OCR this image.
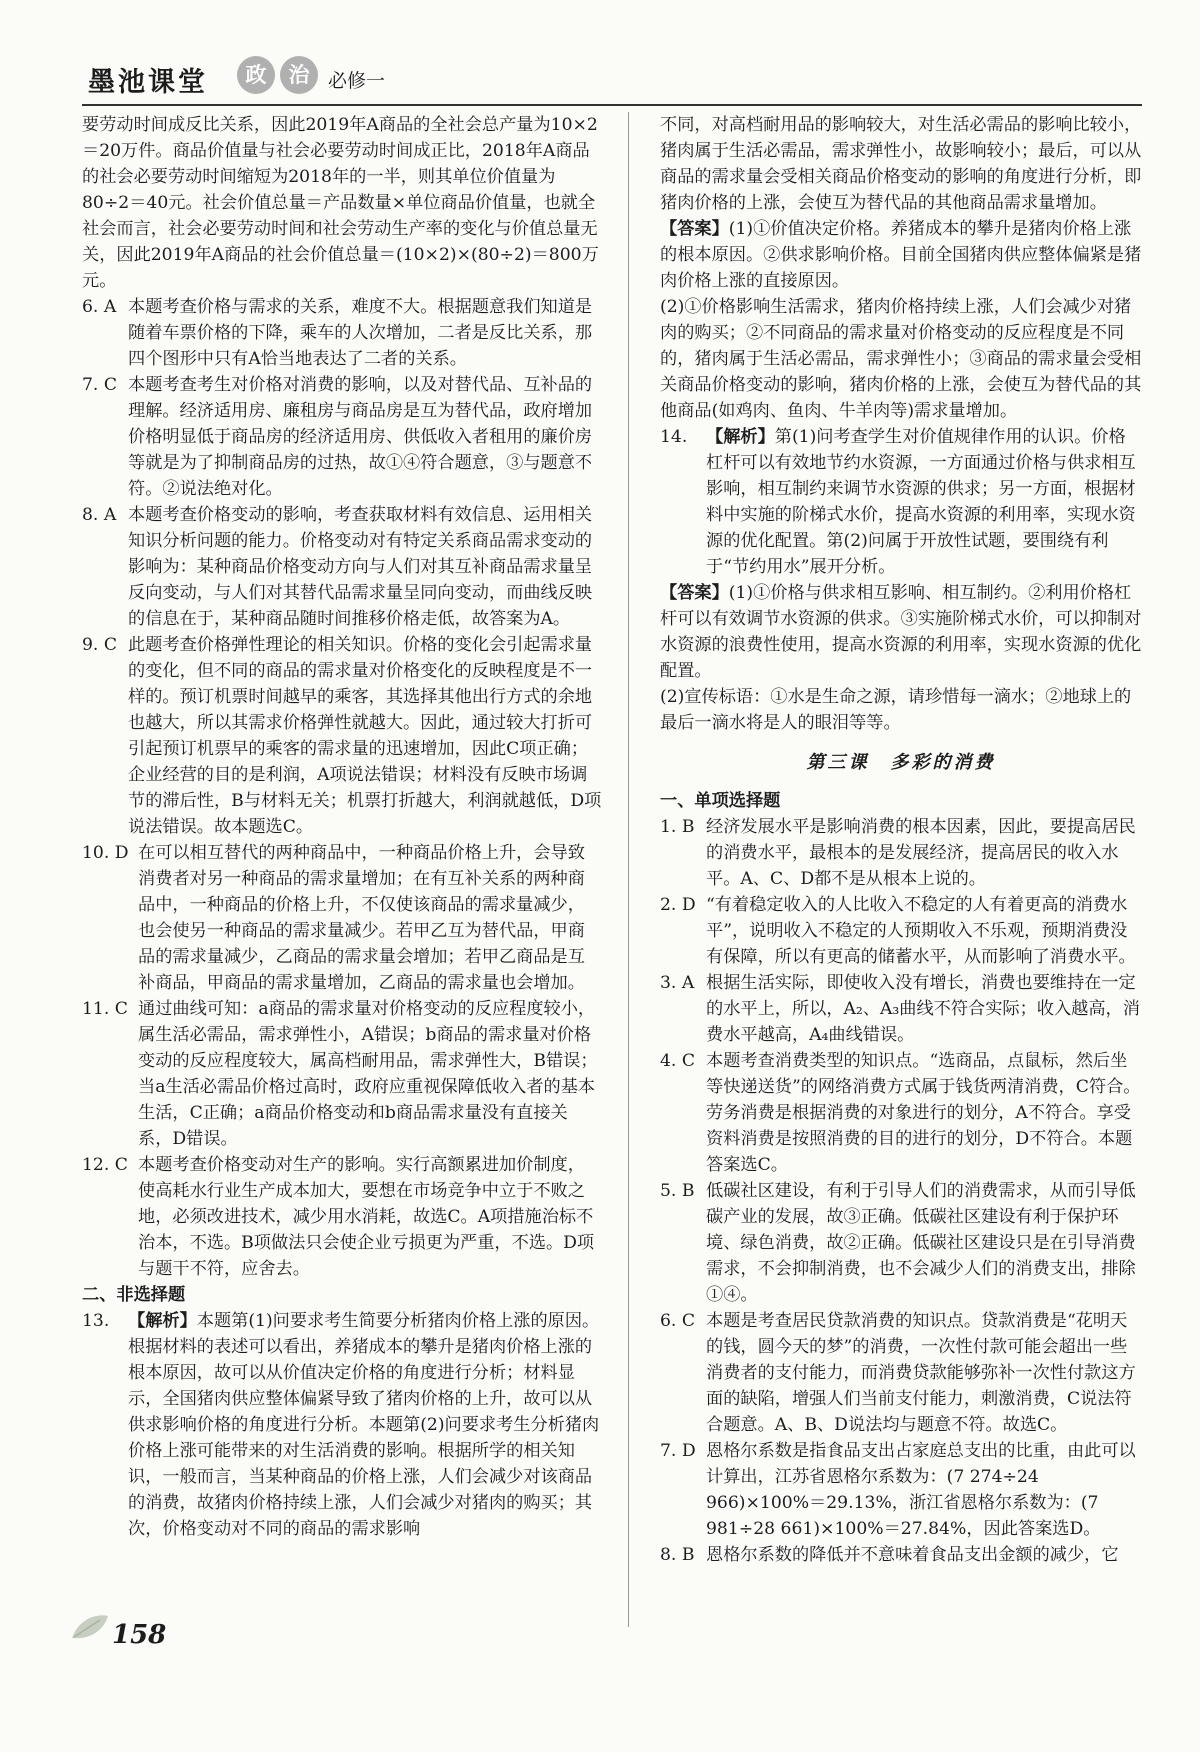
墨池课堂	政	治 必修一
要劳动时间成反比关系，因此2019年A商品的全社会总产量为10×2＝20万件。商品价值量与社会必要劳动时间成正比，2018年A商品的社会必要劳动时间缩短为2018年的一半，则其单位价值量为80÷2＝40元。社会价值总量＝产品数量×单位商品价值量，也就全社会而言，社会必要劳动时间和社会劳动生产率的变化与价值总量无关，因此2019年A商品的社会价值总量＝(10×2)×(80÷2)＝800万元。
6. A 本题考查价格与需求的关系，难度不大。根据题意我们知道是随着车票价格的下降，乘车的人次增加，二者是反比关系，那四个图形中只有A恰当地表达了二者的关系。
7. C 本题考查考生对价格对消费的影响，以及对替代品、互补品的理解。经济适用房、廉租房与商品房是互为替代品，政府增加价格明显低于商品房的经济适用房、供低收入者租用的廉价房等就是为了抑制商品房的过热，故①④符合题意，③与题意不符。②说法绝对化。
8. A 本题考查价格变动的影响，考查获取材料有效信息、运用相关知识分析问题的能力。价格变动对有特定关系商品需求变动的影响为：某种商品价格变动方向与人们对其互补商品需求量呈反向变动，与人们对其替代品需求量呈同向变动，而曲线反映的信息在于，某种商品随时间推移价格走低，故答案为A。
9. C 此题考查价格弹性理论的相关知识。价格的变化会引起需求量的变化，但不同的商品的需求量对价格变化的反映程度是不一样的。预订机票时间越早的乘客，其选择其他出行方式的余地也越大，所以其需求价格弹性就越大。因此，通过较大打折可引起预订机票早的乘客的需求量的迅速增加，因此C项正确；企业经营的目的是利润，A项说法错误；材料没有反映市场调节的滞后性，B与材料无关；机票打折越大，利润就越低，D项说法错误。故本题选C。
10. D 在可以相互替代的两种商品中，一种商品价格上升，会导致消费者对另一种商品的需求量增加；在有互补关系的两种商品中，一种商品的价格上升，不仅使该商品的需求量减少，也会使另一种商品的需求量减少。若甲乙互为替代品，甲商品的需求量减少，乙商品的需求量会增加；若甲乙商品是互补商品，甲商品的需求量增加，乙商品的需求量也会增加。
11. C 通过曲线可知：a商品的需求量对价格变动的反应程度较小，属生活必需品，需求弹性小，A错误；b商品的需求量对价格变动的反应程度较大，属高档耐用品，需求弹性大，B错误；当a生活必需品价格过高时，政府应重视保障低收入者的基本生活，C正确；a商品价格变动和b商品需求量没有直接关系，D错误。
12. C 本题考查价格变动对生产的影响。实行高额累进加价制度，使高耗水行业生产成本加大，要想在市场竞争中立于不败之地，必须改进技术，减少用水消耗，故选C。A项措施治标不治本，不选。B项做法只会使企业亏损更为严重，不选。D项与题干不符，应舍去。
二、非选择题
13.	【解析】本题第(1)问要求考生简要分析猪肉价格上涨的原因。根据材料的表述可以看出，养猪成本的攀升是猪肉价格上涨的根本原因，故可以从价值决定价格的角度进行分析；材料显示，全国猪肉供应整体偏紧导致了猪肉价格的上升，故可以从供求影响价格的角度进行分析。本题第(2)问要求考生分析猪肉价格上涨可能带来的对生活消费的影响。根据所学的相关知识，一般而言，当某种商品的价格上涨，人们会减少对该商品的消费，故猪肉价格持续上涨，人们会减少对猪肉的购买；其次，价格变动对不同的商品的需求影响
不同，对高档耐用品的影响较大，对生活必需品的影响比较小，猪肉属于生活必需品，需求弹性小，故影响较小；最后，可以从商品的需求量会受相关商品价格变动的影响的角度进行分析，即猪肉价格的上涨，会使互为替代品的其他商品需求量增加。
【答案】(1)①价值决定价格。养猪成本的攀升是猪肉价格上涨的根本原因。②供求影响价格。目前全国猪肉供应整体偏紧是猪肉价格上涨的直接原因。
(2)①价格影响生活需求，猪肉价格持续上涨，人们会减少对猪肉的购买；②不同商品的需求量对价格变动的反应程度是不同的，猪肉属于生活必需品，需求弹性小；③商品的需求量会受相关商品价格变动的影响，猪肉价格的上涨，会使互为替代品的其他商品(如鸡肉、鱼肉、牛羊肉等)需求量增加。
14.	【解析】第(1)问考查学生对价值规律作用的认识。价格杠杆可以有效地节约水资源，一方面通过价格与供求相互影响，相互制约来调节水资源的供求；另一方面，根据材料中实施的阶梯式水价，提高水资源的利用率，实现水资源的优化配置。第(2)问属于开放性试题，要围绕有利于“节约用水”展开分析。
【答案】(1)①价格与供求相互影响、相互制约。②利用价格杠杆可以有效调节水资源的供求。③实施阶梯式水价，可以抑制对水资源的浪费性使用，提高水资源的利用率，实现水资源的优化配置。
(2)宣传标语：①水是生命之源，请珍惜每一滴水；②地球上的最后一滴水将是人的眼泪等等。
第三课　多彩的消费
一、单项选择题
1. B 经济发展水平是影响消费的根本因素，因此，要提高居民的消费水平，最根本的是发展经济，提高居民的收入水平。A、C、D都不是从根本上说的。
2. D “有着稳定收入的人比收入不稳定的人有着更高的消费水平”，说明收入不稳定的人预期收入不乐观，预期消费没有保障，所以有更高的储蓄水平，从而影响了消费水平。
3. A 根据生活实际，即使收入没有增长，消费也要维持在一定的水平上，所以，A₂、A₃曲线不符合实际；收入越高，消费水平越高，A₄曲线错误。
4. C 本题考查消费类型的知识点。“选商品，点鼠标，然后坐等快递送货”的网络消费方式属于钱货两清消费，C符合。劳务消费是根据消费的对象进行的划分，A不符合。享受资料消费是按照消费的目的进行的划分，D不符合。本题答案选C。
5. B 低碳社区建设，有利于引导人们的消费需求，从而引导低碳产业的发展，故③正确。低碳社区建设有利于保护环境、绿色消费，故②正确。低碳社区建设只是在引导消费需求，不会抑制消费，也不会减少人们的消费支出，排除①④。
6. C 本题是考查居民贷款消费的知识点。贷款消费是“花明天的钱，圆今天的梦”的消费，一次性付款可能会超出一些消费者的支付能力，而消费贷款能够弥补一次性付款这方面的缺陷，增强人们当前支付能力，刺激消费，C说法符合题意。A、B、D说法均与题意不符。故选C。
7. D 恩格尔系数是指食品支出占家庭总支出的比重，由此可以计算出，江苏省恩格尔系数为：(7 274÷24 966)×100%＝29.13%，浙江省恩格尔系数为：(7 981÷28 661)×100%＝27.84%，因此答案选D。
8. B 恩格尔系数的降低并不意味着食品支出金额的减少，它
158
